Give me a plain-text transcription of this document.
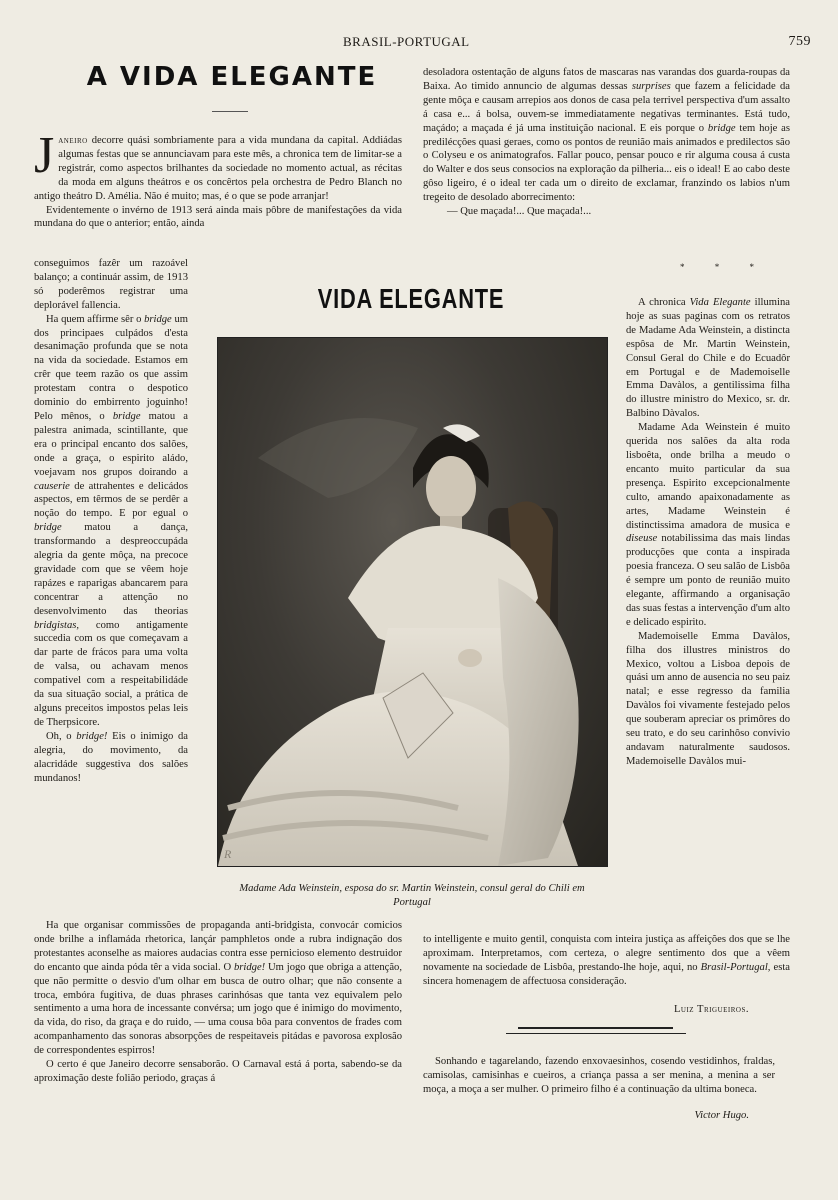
BRASIL-PORTUGAL	759
A VIDA ELEGANTE

Janeiro decorre quási sombriamente para a vida mundana da capital. Addiádas algumas festas que se annunciavam para este mês, a chronica tem de limitar-se a registrár, como aspectos brilhantes da sociedade no momento actual, as récitas da moda em alguns theátros e os concêrtos pela orchestra de Pedro Blanch no antigo theátro D. Amélia. Não é muito; mas, é o que se pode arranjar!

Evidentemente o invérno de 1913 será ainda mais pôbre de manifestações da vida mundana do que o anterior; então, ainda

conseguimos fazêr um razoável balanço; a continuár assim, de 1913 só poderêmos registrar uma deplorável fallencia.

Ha quem affirme sêr o bridge um dos principaes culpádos d'esta desanimação profunda que se nota na vida da sociedade. Estamos em crêr que teem razão os que assim protestam contra o despotico dominio do embirrento joguinho! Pelo mênos, o bridge matou a palestra animada, scintillante, que era o principal encanto dos salões, onde a graça, o espirito aládo, voejavam nos grupos doirando a causerie de attrahentes e delicádos aspectos, em têrmos de se perdêr a noção do tempo. E por egual o bridge matou a dança, transformando a despreoccupáda alegria da gente môça, na precoce gravidade com que se vêem hoje rapázes e raparigas abancarem para concentrar a attenção no desenvolvimento das theorias bridgistas, como antigamente succedia com os que começavam a dar parte de frácos para uma volta de valsa, ou achavam menos compativel com a respeitabilidáde da sua situação social, a prática de alguns preceitos impostos pelas leis de Therpsicore.

Oh, o bridge! Eis o inimigo da alegria, do movimento, da alacridáde suggestiva dos salões mundanos!

Ha que organisar commissões de propaganda anti-bridgista, convocár comicios onde brilhe a inflamáda rhetorica, lançár pamphletos onde a rubra indignação dos protestantes aconselhe as maiores audacias contra esse pernicioso elemento destruidor do encanto que ainda póda têr a vida social. O bridge! Um jogo que obriga a attenção, que não permitte o desvio d'um olhar em busca de outro olhar; que não consente a troca, embóra fugitiva, de duas phrases carinhósas que tanta vez equivalem pelo sentimento a uma hora de incessante convérsa; um jogo que é inimigo do movimento, da vida, do riso, da graça e do ruido, — uma cousa bôa para conventos de frades com acompanhamento das sonoras absorpções de respeitaveis pitádas e pavorosa explosão de correspondentes espirros!

O certo é que Janeiro decorre sensaborão. O Carnaval está á porta, sabendo-se da aproximação deste folião periodo, graças á

desoladora ostentação de alguns fatos de mascaras nas varandas dos guarda-roupas da Baixa. Ao timido annuncio de algumas dessas surprises que fazem a felicidade da gente môça e causam arrepios aos donos de casa pela terrivel perspectiva d'um assalto á casa e... á bolsa, ouvem-se immediatamente negativas terminantes. Está tudo, maçádo; a maçada é já uma instituição nacional. E eis porque o bridge tem hoje as predilécções quasi geraes, como os pontos de reunião mais animados e predilectos são o Colyseu e os animatografos. Fallar pouco, pensar pouco e rir alguma cousa á custa do Walter e dos seus consocios na exploração da pilheria... eis o ideal! E ao cabo deste gôso ligeiro, é o ideal ter cada um o direito de exclamar, franzindo os labios n'um tregeito de desolado aborrecimento:

— Que maçada!... Que maçada!...

* * *
VIDA ELEGANTE
R
Madame Ada Weinstein, esposa do sr. Martin Weinstein, consul geral do Chili em Portugal

A chronica Vida Elegante illumina hoje as suas paginas com os retratos de Madame Ada Weinstein, a distincta espôsa de Mr. Martin Weinstein, Consul Geral do Chile e do Ecuadôr em Portugal e de Mademoiselle Emma Davàlos, a gentilissima filha do illustre ministro do Mexico, sr. dr. Balbino Dàvalos.

Madame Ada Weinstein é muito querida nos salões da alta roda lisboêta, onde brilha a meudo o encanto muito particular da sua presença. Espirito excepcionalmente culto, amando apaixonadamente as artes, Madame Weinstein é distinctissima amadora de musica e diseuse notabilissima das mais lindas producções que conta a inspirada poesia franceza. O seu salão de Lisbôa é sempre um ponto de reunião muito elegante, affirmando a organisação das suas festas a intervenção d'um alto e delicado espirito.

Mademoiselle Emma Davàlos, filha dos illustres ministros do Mexico, voltou a Lisboa depois de quási um anno de ausencia no seu paiz natal; e esse regresso da familia Davàlos foi vivamente festejado pelos que souberam apreciar os primôres do seu trato, e do seu carinhôso convivio andavam naturalmente saudosos. Mademoiselle Davàlos mui-

to intelligente e muito gentil, conquista com inteira justiça as affeições dos que se lhe aproximam. Interpretamos, com certeza, o alegre sentimento dos que a vêem novamente na sociedade de Lisbôa, prestando-lhe hoje, aqui, no Brasil-Portugal, esta sincera homenagem de affectuosa consideração.

Luiz Trigueiros.

Sonhando e tagarelando, fazendo enxovaesinhos, cosendo vestidinhos, fraldas, camisolas, camisinhas e cueiros, a criança passa a ser menina, a menina a ser moça, a moça a ser mulher. O primeiro filho é a continuação da ultima boneca.

Victor Hugo.
